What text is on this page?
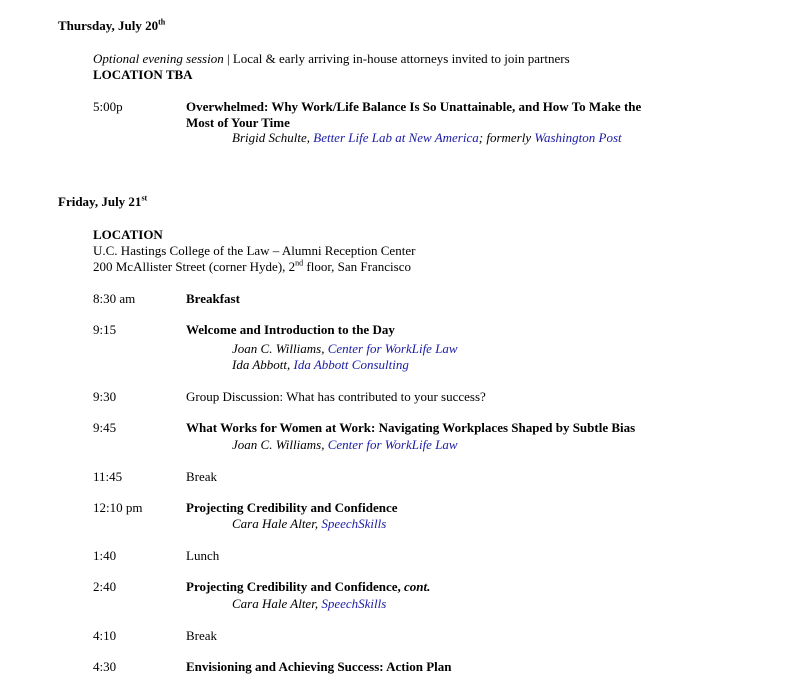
Thursday, July 20th
Optional evening session | Local & early arriving in-house attorneys invited to join partners
LOCATION TBA
5:00p	Overwhelmed: Why Work/Life Balance Is So Unattainable, and How To Make the
Most of Your Time
Brigid Schulte, Better Life Lab at New America; formerly Washington Post
Friday, July 21st
LOCATION
U.C. Hastings College of the Law – Alumni Reception Center
200 McAllister Street (corner Hyde), 2nd floor, San Francisco
8:30 am	Breakfast
9:15	Welcome and Introduction to the Day
Joan C. Williams, Center for WorkLife Law
Ida Abbott, Ida Abbott Consulting
9:30	Group Discussion: What has contributed to your success?
9:45	What Works for Women at Work: Navigating Workplaces Shaped by Subtle Bias
Joan C. Williams, Center for WorkLife Law
11:45	Break
12:10 pm	Projecting Credibility and Confidence
Cara Hale Alter, SpeechSkills
1:40	Lunch
2:40	Projecting Credibility and Confidence, cont.
Cara Hale Alter, SpeechSkills
4:10	Break
4:30	Envisioning and Achieving Success: Action Plan
